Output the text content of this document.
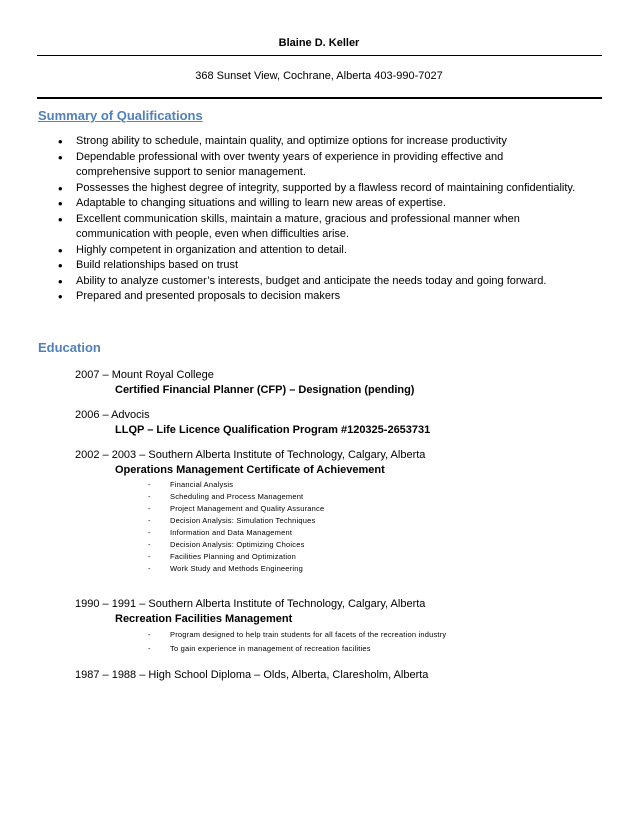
Blaine D. Keller
368 Sunset View, Cochrane, Alberta 403-990-7027
Summary of Qualifications
• Strong ability to schedule, maintain quality, and optimize options for increase productivity
• Dependable professional with over twenty years of experience in providing effective and comprehensive support to senior management.
• Possesses the highest degree of integrity, supported by a flawless record of maintaining confidentiality.
• Adaptable to changing situations and willing to learn new areas of expertise.
• Excellent communication skills, maintain a mature, gracious and professional manner when communication with people, even when difficulties arise.
• Highly competent in organization and attention to detail.
• Build relationships based on trust
• Ability to analyze customer’s interests, budget and anticipate the needs today and going forward.
• Prepared and presented proposals to decision makers
Education
2007 – Mount Royal College
Certified Financial Planner (CFP) – Designation (pending)
2006 – Advocis
LLQP – Life Licence Qualification Program #120325-2653731
2002 – 2003 – Southern Alberta Institute of Technology, Calgary, Alberta
Operations Management Certificate of Achievement
- Financial Analysis
- Scheduling and Process Management
- Project Management and Quality Assurance
- Decision Analysis: Simulation Techniques
- Information and Data Management
- Decision Analysis: Optimizing Choices
- Facilities Planning and Optimization
- Work Study and Methods Engineering
1990 – 1991 – Southern Alberta Institute of Technology, Calgary, Alberta
Recreation Facilities Management
- Program designed to help train students for all facets of the recreation industry
- To gain experience in management of recreation facilities
1987 – 1988 – High School Diploma – Olds, Alberta, Claresholm, Alberta
